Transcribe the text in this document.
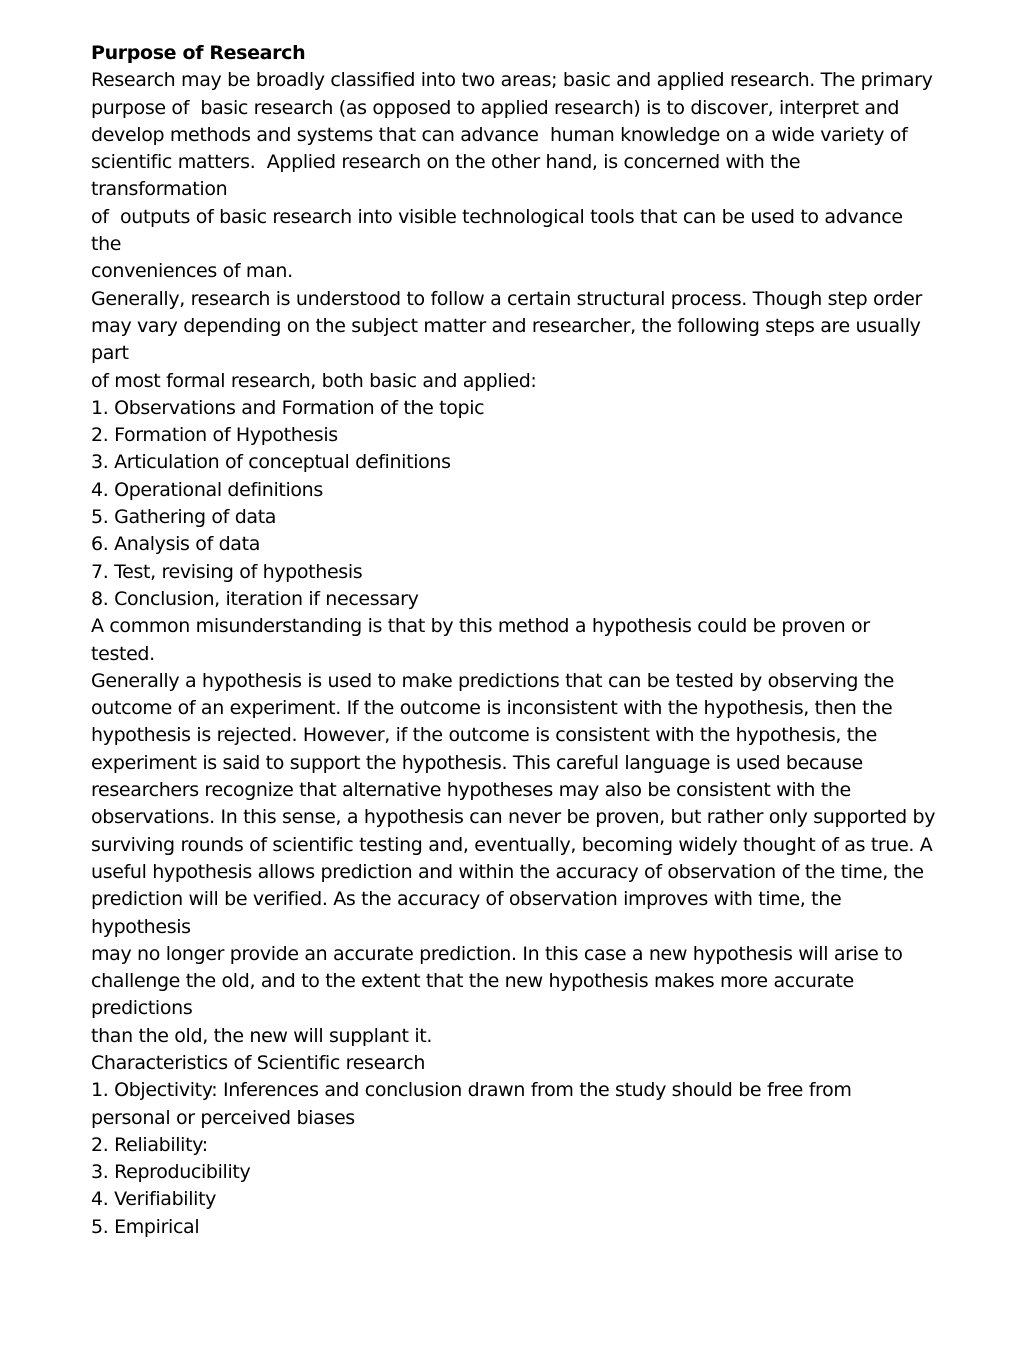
Purpose of Research
Research may be broadly classified into two areas; basic and applied research. The primary
purpose of  basic research (as opposed to applied research) is to discover, interpret and
develop methods and systems that can advance  human knowledge on a wide variety of
scientific matters.  Applied research on the other hand, is concerned with the
transformation
of  outputs of basic research into visible technological tools that can be used to advance
the
conveniences of man.
Generally, research is understood to follow a certain structural process. Though step order
may vary depending on the subject matter and researcher, the following steps are usually
part
of most formal research, both basic and applied:
1. Observations and Formation of the topic
2. Formation of Hypothesis
3. Articulation of conceptual definitions
4. Operational definitions
5. Gathering of data
6. Analysis of data
7. Test, revising of hypothesis
8. Conclusion, iteration if necessary
A common misunderstanding is that by this method a hypothesis could be proven or
tested.
Generally a hypothesis is used to make predictions that can be tested by observing the
outcome of an experiment. If the outcome is inconsistent with the hypothesis, then the
hypothesis is rejected. However, if the outcome is consistent with the hypothesis, the
experiment is said to support the hypothesis. This careful language is used because
researchers recognize that alternative hypotheses may also be consistent with the
observations. In this sense, a hypothesis can never be proven, but rather only supported by
surviving rounds of scientific testing and, eventually, becoming widely thought of as true. A
useful hypothesis allows prediction and within the accuracy of observation of the time, the
prediction will be verified. As the accuracy of observation improves with time, the
hypothesis
may no longer provide an accurate prediction. In this case a new hypothesis will arise to
challenge the old, and to the extent that the new hypothesis makes more accurate
predictions
than the old, the new will supplant it.
Characteristics of Scientific research
1. Objectivity: Inferences and conclusion drawn from the study should be free from
personal or perceived biases
2. Reliability:
3. Reproducibility
4. Verifiability
5. Empirical
